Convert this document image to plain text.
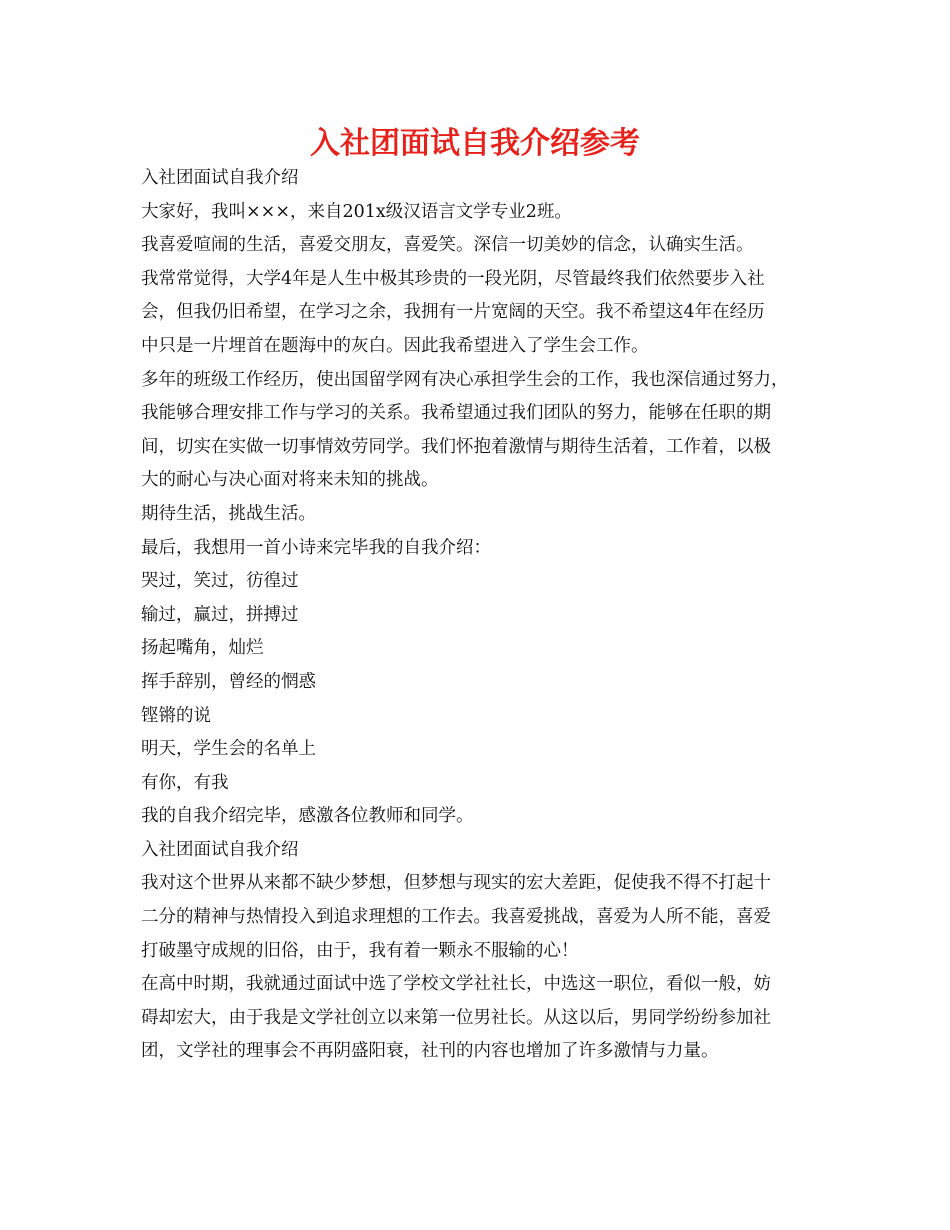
入社团面试自我介绍参考
入社团面试自我介绍
大家好，我叫×××，来自201x级汉语言文学专业2班。
我喜爱喧闹的生活，喜爱交朋友，喜爱笑。深信一切美妙的信念，认确实生活。
我常常觉得，大学4年是人生中极其珍贵的一段光阴，尽管最终我们依然要步入社
会，但我仍旧希望，在学习之余，我拥有一片宽阔的天空。我不希望这4年在经历
中只是一片埋首在题海中的灰白。因此我希望进入了学生会工作。
多年的班级工作经历，使出国留学网有决心承担学生会的工作，我也深信通过努力，
我能够合理安排工作与学习的关系。我希望通过我们团队的努力，能够在任职的期
间，切实在实做一切事情效劳同学。我们怀抱着激情与期待生活着，工作着，以极
大的耐心与决心面对将来未知的挑战。
期待生活，挑战生活。
最后，我想用一首小诗来完毕我的自我介绍：
哭过，笑过，彷徨过
输过，赢过，拼搏过
扬起嘴角，灿烂
挥手辞别，曾经的惘惑
铿锵的说
明天，学生会的名单上
有你，有我
我的自我介绍完毕，感激各位教师和同学。
入社团面试自我介绍
我对这个世界从来都不缺少梦想，但梦想与现实的宏大差距，促使我不得不打起十
二分的精神与热情投入到追求理想的工作去。我喜爱挑战，喜爱为人所不能，喜爱
打破墨守成规的旧俗，由于，我有着一颗永不服输的心！
在高中时期，我就通过面试中选了学校文学社社长，中选这一职位，看似一般，妨
碍却宏大，由于我是文学社创立以来第一位男社长。从这以后，男同学纷纷参加社
团，文学社的理事会不再阴盛阳衰，社刊的内容也增加了许多激情与力量。
